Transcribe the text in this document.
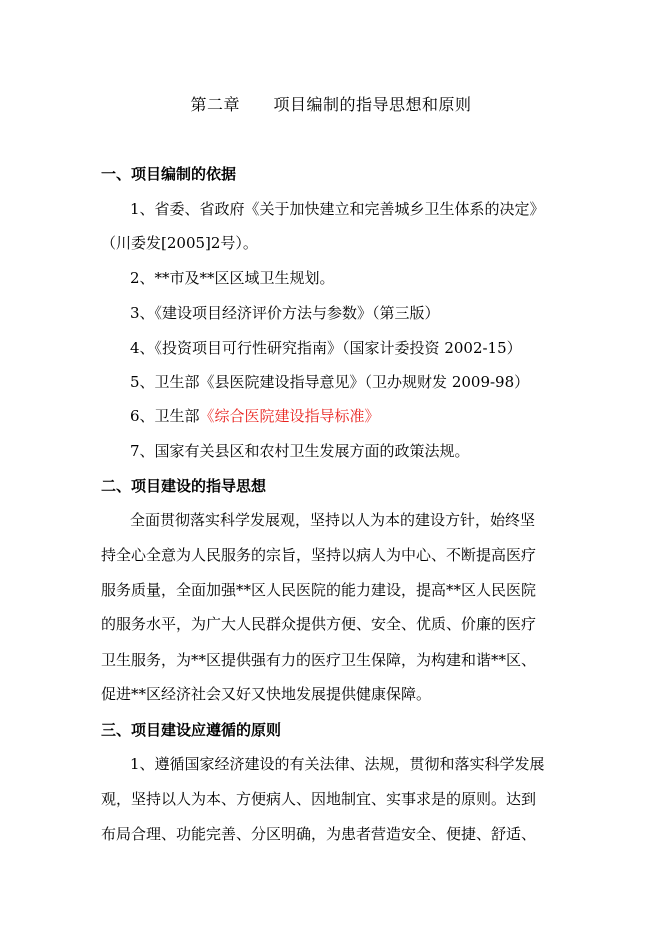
第二章      项目编制的指导思想和原则
一、项目编制的依据
1、省委、省政府《关于加快建立和完善城乡卫生体系的决定》
（川委发[2005]2号）。
2、**市及**区区域卫生规划。
3、《建设项目经济评价方法与参数》（第三版）
4、《投资项目可行性研究指南》（国家计委投资 2002-15）
5、卫生部《县医院建设指导意见》（卫办规财发 2009-98）
6、卫生部《综合医院建设指导标准》
7、国家有关县区和农村卫生发展方面的政策法规。
二、项目建设的指导思想
全面贯彻落实科学发展观，坚持以人为本的建设方针，始终坚
持全心全意为人民服务的宗旨，坚持以病人为中心、不断提高医疗
服务质量，全面加强**区人民医院的能力建设，提高**区人民医院
的服务水平，为广大人民群众提供方便、安全、优质、价廉的医疗
卫生服务，为**区提供强有力的医疗卫生保障，为构建和谐**区、
促进**区经济社会又好又快地发展提供健康保障。
三、项目建设应遵循的原则
1、遵循国家经济建设的有关法律、法规，贯彻和落实科学发展
观，坚持以人为本、方便病人、因地制宜、实事求是的原则。达到
布局合理、功能完善、分区明确，为患者营造安全、便捷、舒适、
